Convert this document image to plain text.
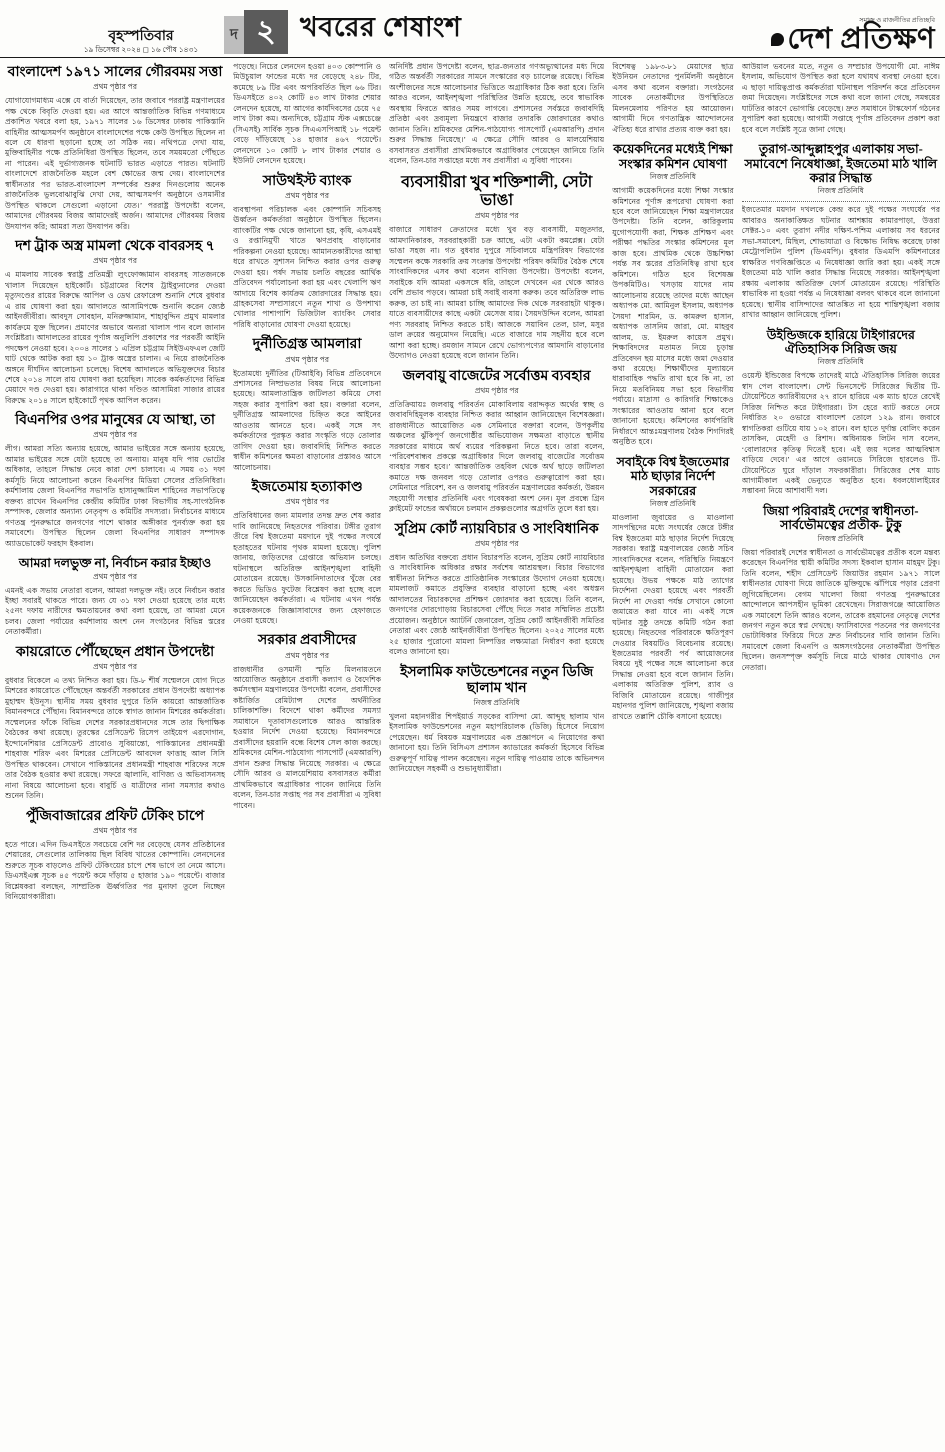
বৃহস্পতিবার
১৯ ডিসেম্বর ২০২৪ ◻ ১৬ পৌষ ১৪৩১
দ ২ খবরের শেষাংশ	সমাজ ও রাজনীতির প্রতিচ্ছবি
দেশ প্রতিক্ষণ
বাংলাদেশ ১৯৭১ সালের গৌরবময় সত্তা
প্রথম পৃষ্ঠার পর

যোগাযোগমাধ্যম এক্সে যে বার্তা দিয়েছেন, তার জবাবে পররাষ্ট্র মন্ত্রণালয়ের পক্ষ থেকে বিবৃতি দেওয়া হয়। এর আগে আন্তর্জাতিক বিভিন্ন গণমাধ্যমে প্রকাশিত খবরে বলা হয়, ১৯৭১ সালের ১৬ ডিসেম্বর ঢাকায় পাকিস্তানি বাহিনীর আত্মসমর্পণ অনুষ্ঠানে বাংলাদেশের পক্ষে কেউ উপস্থিত ছিলেন না বলে যে ধারণা ছড়ানো হচ্ছে তা সঠিক নয়। নথিপত্রে দেখা যায়, মুক্তিবাহিনীর পক্ষে প্রতিনিধিরা উপস্থিত ছিলেন, তবে সময়মতো পৌঁছতে না পারেন। এই দুর্ভাগ্যজনক ঘটনাটি ভারত এড়াতে পারত। ঘটনাটি বাংলাদেশে রাজনৈতিক মহলে বেশ ক্ষোভের জন্ম দেয়। বাংলাদেশের স্বাধীনতার পর ভারত-বাংলাদেশ সম্পর্কের শুরুর দিনগুলোয় অনেক রাজনৈতিক ভুলবোঝাবুঝি দেখা দেয়, আত্মসমর্পণ অনুষ্ঠানে ওসমানীর উপস্থিত থাকলে সেগুলো এড়ানো যেত।’ পররাষ্ট্র উপদেষ্টা বলেন, আমাদের গৌরবময় বিজয় আমাদেরই অর্জন। আমাদের গৌরবময় বিজয় উদযাপন করি; আমরা সত্য উদযাপন করি।

দশ ট্রাক অস্ত্র মামলা থেকে বাবরসহ ৭
প্রথম পৃষ্ঠার পর

এ মামলায় সাবেক স্বরাষ্ট্র প্রতিমন্ত্রী লুৎফোজ্জামান বাবরসহ সাতজনকে খালাস দিয়েছেন হাইকোর্ট। চট্টগ্রামের বিশেষ ট্রাইব্যুনালের দেওয়া মৃত্যুদণ্ডের রায়ের বিরুদ্ধে আপিল ও ডেথ রেফারেন্স শুনানি শেষে বুধবার এ রায় ঘোষণা করা হয়। আদালতে আসামিপক্ষে শুনানি করেন জ্যেষ্ঠ আইনজীবীরা। আবদুস সোবহান, মনিরুজ্জামান, শাহাবুদ্দিন প্রমুখ মামলার কার্যক্রমে যুক্ত ছিলেন। প্রমাণের অভাবে অন্যরা খালাস পান বলে জানান সংশ্লিষ্টরা। আদালতের রায়ের পূর্ণাঙ্গ অনুলিপি প্রকাশের পর পরবর্তী আইনি পদক্ষেপ নেওয়া হবে। ২০০৪ সালের ১ এপ্রিল চট্টগ্রাম সিইউএফএল জেটি ঘাট থেকে আটক করা হয় ১০ ট্রাক অস্ত্রের চালান। এ নিয়ে রাজনৈতিক অঙ্গনে দীর্ঘদিন আলোচনা চলেছে। বিশেষ আদালতে অভিযুক্তদের বিচার শেষে ২০১৪ সালে রায় ঘোষণা করা হয়েছিল। সাবেক কর্মকর্তাদের বিভিন্ন মেয়াদে দণ্ড দেওয়া হয়। কারাগারে থাকা দণ্ডিত আসামিরা সাজার রায়ের বিরুদ্ধে ২০১৪ সালে হাইকোর্টে পৃথক আপিল করেন।

বিএনপির ওপর মানুষের যে আস্থা, তা
প্রথম পৃষ্ঠার পর

লীগ। আমরা সত্যি অন্যায় হয়েছে, আমার ভাইয়ের সঙ্গে অন্যায় হয়েছে, আমার ভাইয়ের সঙ্গে যেটা হয়েছে তা অন্যায়। মানুষ যদি পায় ভোটের অধিকার, তাহলে সিদ্ধান্ত নেবে কারা দেশ চালাবে। এ সময় ৩১ দফা কর্মসূচি নিয়ে আলোচনা করেন বিএনপির মিডিয়া সেলের প্রতিনিধিরা। কর্মশালায় জেলা বিএনপির সভাপতি হাসানুজ্জামিল শাহিনের সভাপতিত্বে বক্তব্য রাখেন বিএনপির কেন্দ্রীয় কমিটির ঢাকা বিভাগীয় সহ-সাংগঠনিক সম্পাদক, জেলার অন্যান্য নেতৃবৃন্দ ও কমিটির সদস্যরা। নির্বাচনের মাধ্যমে গণতন্ত্র পুনরুদ্ধারে জনগণের পাশে থাকার অঙ্গীকার পুনর্ব্যক্ত করা হয় সমাবেশে। উপস্থিত ছিলেন জেলা বিএনপির সাধারণ সম্পাদক অ্যাডভোকেট ফরহাদ ইকবাল।

আমরা দলভুক্ত না, নির্বাচন করার ইচ্ছাও
প্রথম পৃষ্ঠার পর

এমনই এক সভায় নেতারা বলেন, আমরা দলভুক্ত নই। তবে নির্বাচন করার ইচ্ছা সবারই থাকতে পারে। জন্য যে ৩১ দফা দেওয়া হয়েছে তার মধ্যে ২৫নং দফায় নারীদের ক্ষমতায়নের কথা বলা হয়েছে, তা আমরা মেনে চলব। জেলা পর্যায়ের কর্মশালায় অংশ নেন সংগঠনের বিভিন্ন স্তরের নেতাকর্মীরা।

কায়রোতে পৌঁছেছেন প্রধান উপদেষ্টা
প্রথম পৃষ্ঠার পর

বুধবার বিকেলে এ তথ্য নিশ্চিত করা হয়। ডি-৮ শীর্ষ সম্মেলনে যোগ দিতে মিশরের কায়রোতে পৌঁছেছেন অন্তর্বর্তী সরকারের প্রধান উপদেষ্টা অধ্যাপক মুহাম্মদ ইউনূস। স্থানীয় সময় বুধবার দুপুরে তিনি কায়রো আন্তর্জাতিক বিমানবন্দরে পৌঁছান। বিমানবন্দরে তাকে স্বাগত জানান মিশরের কর্মকর্তারা। সম্মেলনের ফাঁকে বিভিন্ন দেশের সরকারপ্রধানদের সঙ্গে তার দ্বিপাক্ষিক বৈঠকের কথা রয়েছে। তুরস্কের প্রেসিডেন্ট রিসেপ তাইয়েপ এরদোগান, ইন্দোনেশিয়ার প্রেসিডেন্ট প্রাবোও সুবিয়ান্তো, পাকিস্তানের প্রধানমন্ত্রী শাহবাজ শরিফ এবং মিশরের প্রেসিডেন্ট আবদেল ফাত্তাহ আল সিসি উপস্থিত থাকবেন। সেখানে পাকিস্তানের প্রধানমন্ত্রী শাহবাজ শরিফের সঙ্গে তার বৈঠক হওয়ার কথা রয়েছে। সফরে জ্বালানি, বাণিজ্য ও অভিবাসনসহ নানা বিষয়ে আলোচনা হবে। বাবুর্চি ও যাত্রীদের নানা সমস্যার কথাও শুনেন তিনি।

পুঁজিবাজারের প্রফিট টেকিং চাপে
প্রথম পৃষ্ঠার পর

হতে পারে। এদিন ডিএসইতে সবচেয়ে বেশি দর বেড়েছে যেসব প্রতিষ্ঠানের শেয়ারের, সেগুলোর তালিকায় ছিল বিবিধ খাতের কোম্পানি। লেনদেনের শুরুতে সূচক বাড়লেও প্রফিট টেকিংয়ের চাপে শেষ ভাগে তা নেমে আসে। ডিএসইএক্স সূচক ৪৫ পয়েন্ট কমে দাঁড়ায় ৫ হাজার ১৯০ পয়েন্টে। বাজার বিশ্লেষকরা বলছেন, সাম্প্রতিক ঊর্ধ্বগতির পর মুনাফা তুলে নিচ্ছেন বিনিয়োগকারীরা।

পড়েছে। নিচের লেনদেন হওয়া ৪০৩ কোম্পানি ও মিউচুয়াল ফান্ডের মধ্যে দর বেড়েছে ২৪৮ টির, কমেছে ৮৯ টির এবং অপরিবর্তিত ছিল ৬৬ টির। ডিএসইতে ৪০২ কোটি ৪৩ লাখ টাকার শেয়ার লেনদেন হয়েছে, যা আগের কার্যদিবসের চেয়ে ৭৫ লাখ টাকা কম। অন্যদিকে, চট্টগ্রাম স্টক এক্সচেঞ্জে (সিএসই) সার্বিক সূচক সিএএসপিআই ১৮ পয়েন্ট বেড়ে দাঁড়িয়েছে ১৪ হাজার ৪৬৭ পয়েন্টে। লেনদেনে ১০ কোটি ৮ লাখ টাকার শেয়ার ও ইউনিট লেনদেন হয়েছে।

সাউথইস্ট ব্যাংক
প্রথম পৃষ্ঠার পর

ব্যবস্থাপনা পরিচালক এবং কোম্পানি সচিবসহ ঊর্ধ্বতন কর্মকর্তারা অনুষ্ঠানে উপস্থিত ছিলেন। ব্যাংকটির পক্ষ থেকে জানানো হয়, কৃষি, এসএমই ও রপ্তানিমুখী খাতে ঋণপ্রবাহ বাড়ানোর পরিকল্পনা নেওয়া হয়েছে। আমানতকারীদের আস্থা ধরে রাখতে সুশাসন নিশ্চিত করার ওপর গুরুত্ব দেওয়া হয়। পর্ষদ সভায় চলতি বছরের আর্থিক প্রতিবেদন পর্যালোচনা করা হয় এবং খেলাপি ঋণ আদায়ে বিশেষ কার্যক্রম জোরদারের সিদ্ধান্ত হয়। গ্রাহকসেবা সম্প্রসারণে নতুন শাখা ও উপশাখা খোলার পাশাপাশি ডিজিটাল ব্যাংকিং সেবার পরিধি বাড়ানোর ঘোষণা দেওয়া হয়েছে।

দুর্নীতিগ্রস্ত আমলারা
প্রথম পৃষ্ঠার পর

ইতোমধ্যে দুর্নীতির (টিআইবি) বিভিন্ন প্রতিবেদনে প্রশাসনের নিষ্প্রভতার বিষয় নিয়ে আলোচনা হয়েছে। আমলাতান্ত্রিক জটিলতা কমিয়ে সেবা সহজ করার সুপারিশ করা হয়। বক্তারা বলেন, দুর্নীতিগ্রস্ত আমলাদের চিহ্নিত করে আইনের আওতায় আনতে হবে। একই সঙ্গে সৎ কর্মকর্তাদের পুরস্কৃত করার সংস্কৃতি গড়ে তোলার তাগিদ দেওয়া হয়। জবাবদিহি নিশ্চিত করতে স্বাধীন কমিশনের ক্ষমতা বাড়ানোর প্রস্তাবও আসে আলোচনায়।

ইজতেমায় হত্যাকাণ্ড
প্রথম পৃষ্ঠার পর

প্রতিবিধানের জন্য মামলার তদন্ত দ্রুত শেষ করার দাবি জানিয়েছে নিহতদের পরিবার। টঙ্গীর তুরাগ তীরে বিশ্ব ইজতেমা ময়দানে দুই পক্ষের সংঘর্ষে হতাহতের ঘটনায় পৃথক মামলা হয়েছে। পুলিশ জানায়, জড়িতদের গ্রেপ্তারে অভিযান চলছে। ঘটনাস্থলে অতিরিক্ত আইনশৃঙ্খলা বাহিনী মোতায়েন রয়েছে। উসকানিদাতাদের খুঁজে বের করতে ভিডিও ফুটেজ বিশ্লেষণ করা হচ্ছে বলে জানিয়েছেন কর্মকর্তারা। এ ঘটনায় এখন পর্যন্ত কয়েকজনকে জিজ্ঞাসাবাদের জন্য হেফাজতে নেওয়া হয়েছে।

সরকার প্রবাসীদের
প্রথম পৃষ্ঠার পর

রাজধানীর ওসমানী স্মৃতি মিলনায়তনে আয়োজিত অনুষ্ঠানে প্রবাসী কল্যাণ ও বৈদেশিক কর্মসংস্থান মন্ত্রণালয়ের উপদেষ্টা বলেন, প্রবাসীদের কষ্টার্জিত রেমিট্যান্স দেশের অর্থনীতির চালিকাশক্তি। বিদেশে থাকা কর্মীদের সমস্যা সমাধানে দূতাবাসগুলোকে আরও আন্তরিক হওয়ার নির্দেশ দেওয়া হয়েছে। বিমানবন্দরে প্রবাসীদের হয়রানি বন্ধে বিশেষ সেল কাজ করছে। শ্রমিকদের মেশিন-পাঠযোগ্য পাসপোর্ট (এমআরপি) প্রদান শুরুর সিদ্ধান্ত নিয়েছে সরকার। এ ক্ষেত্রে সৌদি আরব ও মালয়েশিয়ায় বসবাসরত কর্মীরা প্রাথমিকভাবে অগ্রাধিকার পাবেন জানিয়ে তিনি বলেন, তিন-চার সপ্তাহ পর সব প্রবাসীরা এ সুবিধা পাবেন।

অনির্দিষ্ট প্রধান উপদেষ্টা বলেন, ছাত্র-জনতার গণঅভ্যুত্থানের মধ্য দিয়ে গঠিত অন্তর্বর্তী সরকারের সামনে সংস্কারের বড় চ্যালেঞ্জ রয়েছে। বিভিন্ন অংশীজনের সঙ্গে আলোচনার ভিত্তিতে অগ্রাধিকার ঠিক করা হবে। তিনি আরও বলেন, আইনশৃঙ্খলা পরিস্থিতির উন্নতি হয়েছে, তবে স্বাভাবিক অবস্থায় ফিরতে আরও সময় লাগবে। প্রশাসনের সর্বস্তরে জবাবদিহি প্রতিষ্ঠা এবং দ্রব্যমূল্য নিয়ন্ত্রণে বাজার তদারকি জোরদারের কথাও জানান তিনি। শ্রমিকদের মেশিন-পাঠযোগ্য পাসপোর্ট (এমআরপি) প্রদান শুরুর সিদ্ধান্ত নিয়েছে।’ এ ক্ষেত্রে সৌদি আরব ও মালয়েশিয়ায় বসবাসরত প্রবাসীরা প্রাথমিকভাবে অগ্রাধিকার পেয়েছেন জানিয়ে তিনি বলেন, তিন-চার সপ্তাহের মধ্যে সব প্রবাসীরা এ সুবিধা পাবেন।

ব্যবসায়ীরা খুব শক্তিশালী, সেটা ভাঙা
প্রথম পৃষ্ঠার পর

বাজারে সাধারণ ক্রেতাদের মধ্যে খুব বড় ব্যবসায়ী, মজুতদার, আমদানিকারক, সরবরাহকারী চক্র আছে, এটা একটা কমপ্লেক্স। যেটা ভাঙা সহজ না। গত বুধবার দুপুরে সচিবালয়ে মন্ত্রিপরিষদ বিভাগের সম্মেলন কক্ষে সরকারি ক্রয় সংক্রান্ত উপদেষ্টা পরিষদ কমিটির বৈঠক শেষে সাংবাদিকদের এসব কথা বলেন বাণিজ্য উপদেষ্টা। উপদেষ্টা বলেন, সবাইকে যদি আমরা একসঙ্গে ধরি, তাহলে দেখবেন এর থেকে আরও বেশি প্রভাব পড়বে। আমরা চাই সবাই ব্যবসা করুক। তবে অতিরিক্ত লাভ করুক, তা চাই না। আমরা চাচ্ছি আমাদের দিক থেকে সরবরাহটা থাকুক। যাতে ব্যবসায়ীদের কাছে একটা মেসেজ যায়। সৈয়দউদ্দিন বলেন, আমরা পণ্য সরবরাহ নিশ্চিত করতে চাই। আজকে সয়াবিন তেল, চাল, মসুর ডাল ক্রয়ের অনুমোদন নিয়েছি। এতে বাজারে দাম সহনীয় হবে বলে আশা করা হচ্ছে। রমজান সামনে রেখে ভোগ্যপণ্যের আমদানি বাড়ানোর উদ্যোগও নেওয়া হয়েছে বলে জানান তিনি।

জলবায়ু বাজেটের সর্বোত্তম ব্যবহার
প্রথম পৃষ্ঠার পর

প্রতিক্রিয়ায়ঃ জলবায়ু পরিবর্তন মোকাবিলায় বরাদ্দকৃত অর্থের স্বচ্ছ ও জবাবদিহিমূলক ব্যবহার নিশ্চিত করার আহ্বান জানিয়েছেন বিশেষজ্ঞরা। রাজধানীতে আয়োজিত এক সেমিনারে বক্তারা বলেন, উপকূলীয় অঞ্চলের ঝুঁকিপূর্ণ জনগোষ্ঠীর অভিযোজন সক্ষমতা বাড়াতে স্থানীয় সরকারের মাধ্যমে অর্থ ব্যয়ের পরিকল্পনা নিতে হবে। তারা বলেন, ‘পরিবেশবান্ধব প্রকল্পে অগ্রাধিকার দিলে জলবায়ু বাজেটের সর্বোত্তম ব্যবহার সম্ভব হবে।’ আন্তর্জাতিক তহবিল থেকে অর্থ ছাড়ে জটিলতা কমাতে দক্ষ জনবল গড়ে তোলার ওপরও গুরুত্বারোপ করা হয়। সেমিনারে পরিবেশ, বন ও জলবায়ু পরিবর্তন মন্ত্রণালয়ের কর্মকর্তা, উন্নয়ন সহযোগী সংস্থার প্রতিনিধি এবং গবেষকরা অংশ নেন। মূল প্রবন্ধে গ্রিন ক্লাইমেট ফান্ডের অর্থায়নে চলমান প্রকল্পগুলোর অগ্রগতি তুলে ধরা হয়।

সুপ্রিম কোর্ট ন্যায়বিচার ও সাংবিধানিক
প্রথম পৃষ্ঠার পর

প্রধান অতিথির বক্তব্যে প্রধান বিচারপতি বলেন, সুপ্রিম কোর্ট ন্যায়বিচার ও সাংবিধানিক অধিকার রক্ষার সর্বশেষ আশ্রয়স্থল। বিচার বিভাগের স্বাধীনতা নিশ্চিত করতে প্রাতিষ্ঠানিক সংস্কারের উদ্যোগ নেওয়া হয়েছে। মামলাজট কমাতে প্রযুক্তির ব্যবহার বাড়ানো হচ্ছে এবং অধস্তন আদালতের বিচারকদের প্রশিক্ষণ জোরদার করা হয়েছে। তিনি বলেন, জনগণের দোরগোড়ায় বিচারসেবা পৌঁছে দিতে সবার সম্মিলিত প্রচেষ্টা প্রয়োজন। অনুষ্ঠানে অ্যাটর্নি জেনারেল, সুপ্রিম কোর্ট আইনজীবী সমিতির নেতারা এবং জ্যেষ্ঠ আইনজীবীরা উপস্থিত ছিলেন। ২০২৫ সালের মধ্যে ২৫ হাজার পুরোনো মামলা নিষ্পত্তির লক্ষ্যমাত্রা নির্ধারণ করা হয়েছে বলেও জানানো হয়।

ইসলামিক ফাউন্ডেশনের নতুন ডিজি ছালাম খান
নিজস্ব প্রতিনিধি

খুলনা মহানগরীর শিপইয়ার্ড সড়কের বাসিন্দা মো. আব্দুছ ছালাম খান ইসলামিক ফাউন্ডেশনের নতুন মহাপরিচালক (ডিজি) হিসেবে নিয়োগ পেয়েছেন। ধর্ম বিষয়ক মন্ত্রণালয়ের এক প্রজ্ঞাপনে এ নিয়োগের কথা জানানো হয়। তিনি বিসিএস প্রশাসন ক্যাডারের কর্মকর্তা হিসেবে বিভিন্ন গুরুত্বপূর্ণ দায়িত্ব পালন করেছেন। নতুন দায়িত্ব পাওয়ায় তাকে অভিনন্দন জানিয়েছেন সহকর্মী ও শুভানুধ্যায়ীরা।

বিশেষত্ব ১৯৮৩-৮১ মেয়াদের ছাত্র ইউনিয়ন নেতাদের পুনর্মিলনী অনুষ্ঠানে এসব কথা বলেন বক্তারা। সংগঠনের সাবেক নেতাকর্মীদের উপস্থিতিতে মিলনমেলায় পরিণত হয় আয়োজন। আগামী দিনে গণতান্ত্রিক আন্দোলনের ঐতিহ্য ধরে রাখার প্রত্যয় ব্যক্ত করা হয়।

কয়েকদিনের মধ্যেই শিক্ষা সংস্কার কমিশন ঘোষণা
নিজস্ব প্রতিনিধি

আগামী কয়েকদিনের মধ্যে শিক্ষা সংস্কার কমিশনের পূর্ণাঙ্গ রূপরেখা ঘোষণা করা হবে বলে জানিয়েছেন শিক্ষা মন্ত্রণালয়ের উপদেষ্টা। তিনি বলেন, কারিকুলাম যুগোপযোগী করা, শিক্ষক প্রশিক্ষণ এবং পরীক্ষা পদ্ধতির সংস্কার কমিশনের মূল কাজ হবে। প্রাথমিক থেকে উচ্চশিক্ষা পর্যন্ত সব স্তরের প্রতিনিধিত্ব রাখা হবে কমিশনে। গঠিত হবে বিশেষজ্ঞ উপকমিটিও। খসড়ায় যাদের নাম আলোচনায় রয়েছে তাদের মধ্যে আছেন অধ্যাপক মো. আমিনুল ইসলাম, অধ্যাপক সৈয়দা শারমিন, ড. কামরুল হাসান, অধ্যাপক তাসনিম জারা, মো. মাহবুব আলম, ড. ইমরুল কায়েস প্রমুখ। শিক্ষাবিদদের মতামত নিয়ে চূড়ান্ত প্রতিবেদন ছয় মাসের মধ্যে জমা দেওয়ার কথা রয়েছে। শিক্ষার্থীদের মূল্যায়নে ধারাবাহিক পদ্ধতি রাখা হবে কি না, তা নিয়ে মতবিনিময় সভা হবে বিভাগীয় পর্যায়ে। মাদ্রাসা ও কারিগরি শিক্ষাকেও সংস্কারের আওতায় আনা হবে বলে জানানো হয়েছে। কমিশনের কার্যপরিধি নির্ধারণে আন্তঃমন্ত্রণালয় বৈঠক শিগগিরই অনুষ্ঠিত হবে।

সবাইকে বিশ্ব ইজতেমার মাঠ ছাড়ার নির্দেশ সরকারের
নিজস্ব প্রতিনিধি

মাওলানা জুবায়ের ও মাওলানা সাদপন্থিদের মধ্যে সংঘর্ষের জেরে টঙ্গীর বিশ্ব ইজতেমা মাঠ ছাড়ার নির্দেশ দিয়েছে সরকার। স্বরাষ্ট্র মন্ত্রণালয়ের জ্যেষ্ঠ সচিব সাংবাদিকদের বলেন, পরিস্থিতি নিয়ন্ত্রণে আইনশৃঙ্খলা বাহিনী মোতায়েন করা হয়েছে। উভয় পক্ষকে মাঠ ত্যাগের নির্দেশনা দেওয়া হয়েছে এবং পরবর্তী নির্দেশ না দেওয়া পর্যন্ত সেখানে কোনো জমায়েত করা যাবে না। একই সঙ্গে ঘটনার সুষ্ঠু তদন্তে কমিটি গঠন করা হয়েছে। নিহতদের পরিবারকে ক্ষতিপূরণ দেওয়ার বিষয়টিও বিবেচনায় রয়েছে। ইজতেমার পরবর্তী পর্ব আয়োজনের বিষয়ে দুই পক্ষের সঙ্গে আলোচনা করে সিদ্ধান্ত নেওয়া হবে বলে জানান তিনি। এলাকায় অতিরিক্ত পুলিশ, র‌্যাব ও বিজিবি মোতায়েন রয়েছে। গাজীপুর মহানগর পুলিশ জানিয়েছে, শৃঙ্খলা বজায় রাখতে তল্লাশি চৌকি বসানো হয়েছে।

আউয়াল ভবনের মতে, নতুন ও সম্প্রচার উপযোগী মো. নাঈম ইসলাম, অভিযোগ উপস্থিত করা হলে যথাযথ ব্যবস্থা নেওয়া হবে। এ ছাড়া দায়িত্বপ্রাপ্ত কর্মকর্তারা ঘটনাস্থল পরিদর্শন করে প্রতিবেদন জমা দিয়েছেন। সংশ্লিষ্টদের সঙ্গে কথা বলে জানা গেছে, সমন্বয়ের ঘাটতির কারণে ভোগান্তি বেড়েছে। দ্রুত সমাধানে টাস্কফোর্স গঠনের সুপারিশ করা হয়েছে। আগামী সপ্তাহে পূর্ণাঙ্গ প্রতিবেদন প্রকাশ করা হবে বলে সংশ্লিষ্ট সূত্রে জানা গেছে।

তুরাগ-আব্দুল্লাহপুর এলাকায় সভা-সমাবেশে নিষেধাজ্ঞা, ইজতেমা মাঠ খালি করার সিদ্ধান্ত
নিজস্ব প্রতিনিধি

ইজতেমার ময়দান দখলকে কেন্দ্র করে দুই পক্ষের সংঘর্ষের পর আবারও অনাকাঙ্ক্ষিত ঘটনার আশঙ্কায় কামারপাড়া, উত্তরা সেক্টর-১০ এবং তুরাগ নদীর দক্ষিণ-পশ্চিম এলাকায় সব ধরনের সভা-সমাবেশ, মিছিল, শোভাযাত্রা ও বিক্ষোভ নিষিদ্ধ করেছে ঢাকা মেট্রোপলিটন পুলিশ (ডিএমপি)। বুধবার ডিএমপি কমিশনারের স্বাক্ষরিত গণবিজ্ঞপ্তিতে এ নিষেধাজ্ঞা জারি করা হয়। একই সঙ্গে ইজতেমা মাঠ খালি করার সিদ্ধান্ত নিয়েছে সরকার। আইনশৃঙ্খলা রক্ষায় এলাকায় অতিরিক্ত ফোর্স মোতায়েন রয়েছে। পরিস্থিতি স্বাভাবিক না হওয়া পর্যন্ত এ নিষেধাজ্ঞা বলবৎ থাকবে বলে জানানো হয়েছে। স্থানীয় বাসিন্দাদের আতঙ্কিত না হয়ে শান্তিশৃঙ্খলা বজায় রাখার আহ্বান জানিয়েছে পুলিশ।

উইন্ডিজকে হারিয়ে টাইগারদের ঐতিহাসিক সিরিজ জয়
নিজস্ব প্রতিনিধি

ওয়েস্ট ইন্ডিজের বিপক্ষে তাদেরই মাঠে ঐতিহাসিক সিরিজ জয়ের স্বাদ পেল বাংলাদেশ। সেন্ট ভিনসেন্টে সিরিজের দ্বিতীয় টি-টোয়েন্টিতে ক্যারিবীয়দের ২৭ রানে হারিয়ে এক ম্যাচ হাতে রেখেই সিরিজ নিশ্চিত করে টাইগাররা। টস হেরে ব্যাট করতে নেমে নির্ধারিত ২০ ওভারে বাংলাদেশ তোলে ১২৯ রান। জবাবে স্বাগতিকরা গুটিয়ে যায় ১০২ রানে। বল হাতে দুর্দান্ত বোলিং করেন তাসকিন, মেহেদী ও রিশাদ। অধিনায়ক লিটন দাস বলেন, ‘বোলারদের কৃতিত্ব দিতেই হবে। এই জয় দলের আত্মবিশ্বাস বাড়িয়ে দেবে।’ এর আগে ওয়ানডে সিরিজে হারলেও টি-টোয়েন্টিতে ঘুরে দাঁড়াল সফরকারীরা। সিরিজের শেষ ম্যাচ আগামীকাল একই ভেন্যুতে অনুষ্ঠিত হবে। ধবলধোলাইয়ের সম্ভাবনা নিয়ে আশাবাদী দল।

জিয়া পরিবারই দেশের স্বাধীনতা- সার্বভৌমত্বের প্রতীক- টুকু
নিজস্ব প্রতিনিধি

জিয়া পরিবারই দেশের স্বাধীনতা ও সার্বভৌমত্বের প্রতীক বলে মন্তব্য করেছেন বিএনপির স্থায়ী কমিটির সদস্য ইকবাল হাসান মাহমুদ টুকু। তিনি বলেন, শহীদ প্রেসিডেন্ট জিয়াউর রহমান ১৯৭১ সালে স্বাধীনতার ঘোষণা দিয়ে জাতিকে মুক্তিযুদ্ধে ঝাঁপিয়ে পড়ার প্রেরণা জুগিয়েছিলেন। বেগম খালেদা জিয়া গণতন্ত্র পুনরুদ্ধারের আন্দোলনে আপসহীন ভূমিকা রেখেছেন। সিরাজগঞ্জে আয়োজিত এক সমাবেশে তিনি আরও বলেন, তারেক রহমানের নেতৃত্বে দেশের জনগণ নতুন করে স্বপ্ন দেখছে। ফ্যাসিবাদের পতনের পর জনগণের ভোটাধিকার ফিরিয়ে দিতে দ্রুত নির্বাচনের দাবি জানান তিনি। সমাবেশে জেলা বিএনপি ও অঙ্গসংগঠনের নেতাকর্মীরা উপস্থিত ছিলেন। জনসম্পৃক্ত কর্মসূচি নিয়ে মাঠে থাকার ঘোষণাও দেন নেতারা।
